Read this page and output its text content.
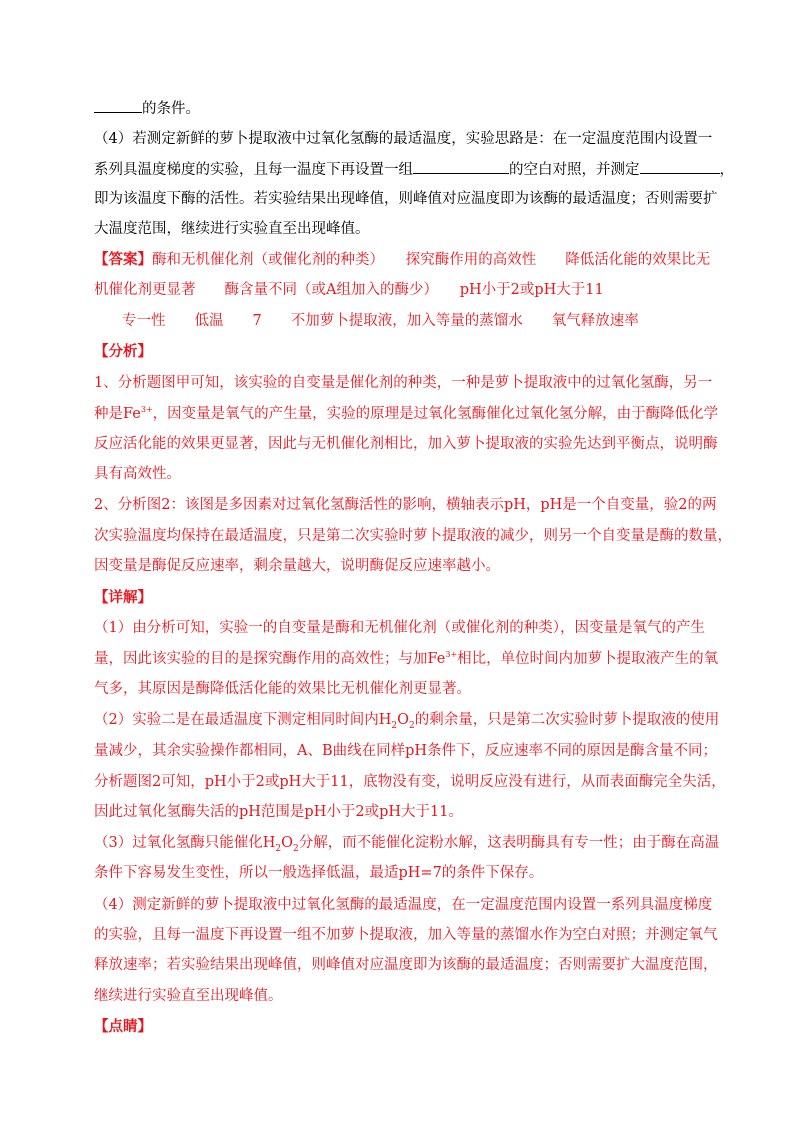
的条件。
（4）若测定新鲜的萝卜提取液中过氧化氢酶的最适温度，实验思路是：在一定温度范围内设置一
系列具温度梯度的实验，且每一温度下再设置一组	的空白对照，并测定	，
即为该温度下酶的活性。若实验结果出现峰值，则峰值对应温度即为该酶的最适温度；否则需要扩
大温度范围，继续进行实验直至出现峰值。
【答案】酶和无机催化剂（或催化剂的种类）　　探究酶作用的高效性　　降低活化能的效果比无
机催化剂更显著　　酶含量不同（或A组加入的酶少）　　pH小于2或pH大于11
专一性　　低温　　7　　不加萝卜提取液，加入等量的蒸馏水　　氧气释放速率
【分析】
1、分析题图甲可知，该实验的自变量是催化剂的种类，一种是萝卜提取液中的过氧化氢酶，另一
种是$Fe^{3+}$，因变量是氧气的产生量，实验的原理是过氧化氢酶催化过氧化氢分解，由于酶降低化学
反应活化能的效果更显著，因此与无机催化剂相比，加入萝卜提取液的实验先达到平衡点，说明酶
具有高效性。
2、分析图2：该图是多因素对过氧化氢酶活性的影响，横轴表示pH，pH是一个自变量，验2的两
次实验温度均保持在最适温度，只是第二次实验时萝卜提取液的减少，则另一个自变量是酶的数量，
因变量是酶促反应速率，剩余量越大，说明酶促反应速率越小。
【详解】
（1）由分析可知，实验一的自变量是酶和无机催化剂（或催化剂的种类），因变量是氧气的产生
量，因此该实验的目的是探究酶作用的高效性；与加$Fe^{3+}$相比，单位时间内加萝卜提取液产生的氧
气多，其原因是酶降低活化能的效果比无机催化剂更显著。
（2）实验二是在最适温度下测定相同时间内$H_2O_2$的剩余量，只是第二次实验时萝卜提取液的使用
量减少，其余实验操作都相同，A、B曲线在同样pH条件下，反应速率不同的原因是酶含量不同；
分析题图2可知，pH小于2或pH大于11，底物没有变，说明反应没有进行，从而表面酶完全失活，
因此过氧化氢酶失活的pH范围是pH小于2或pH大于11。
（3）过氧化氢酶只能催化$H_2O_2$分解，而不能催化淀粉水解，这表明酶具有专一性；由于酶在高温
条件下容易发生变性，所以一般选择低温，最适pH=7的条件下保存。
（4）测定新鲜的萝卜提取液中过氧化氢酶的最适温度，在一定温度范围内设置一系列具温度梯度
的实验，且每一温度下再设置一组不加萝卜提取液，加入等量的蒸馏水作为空白对照；并测定氧气
释放速率；若实验结果出现峰值，则峰值对应温度即为该酶的最适温度；否则需要扩大温度范围，
继续进行实验直至出现峰值。
【点睛】
